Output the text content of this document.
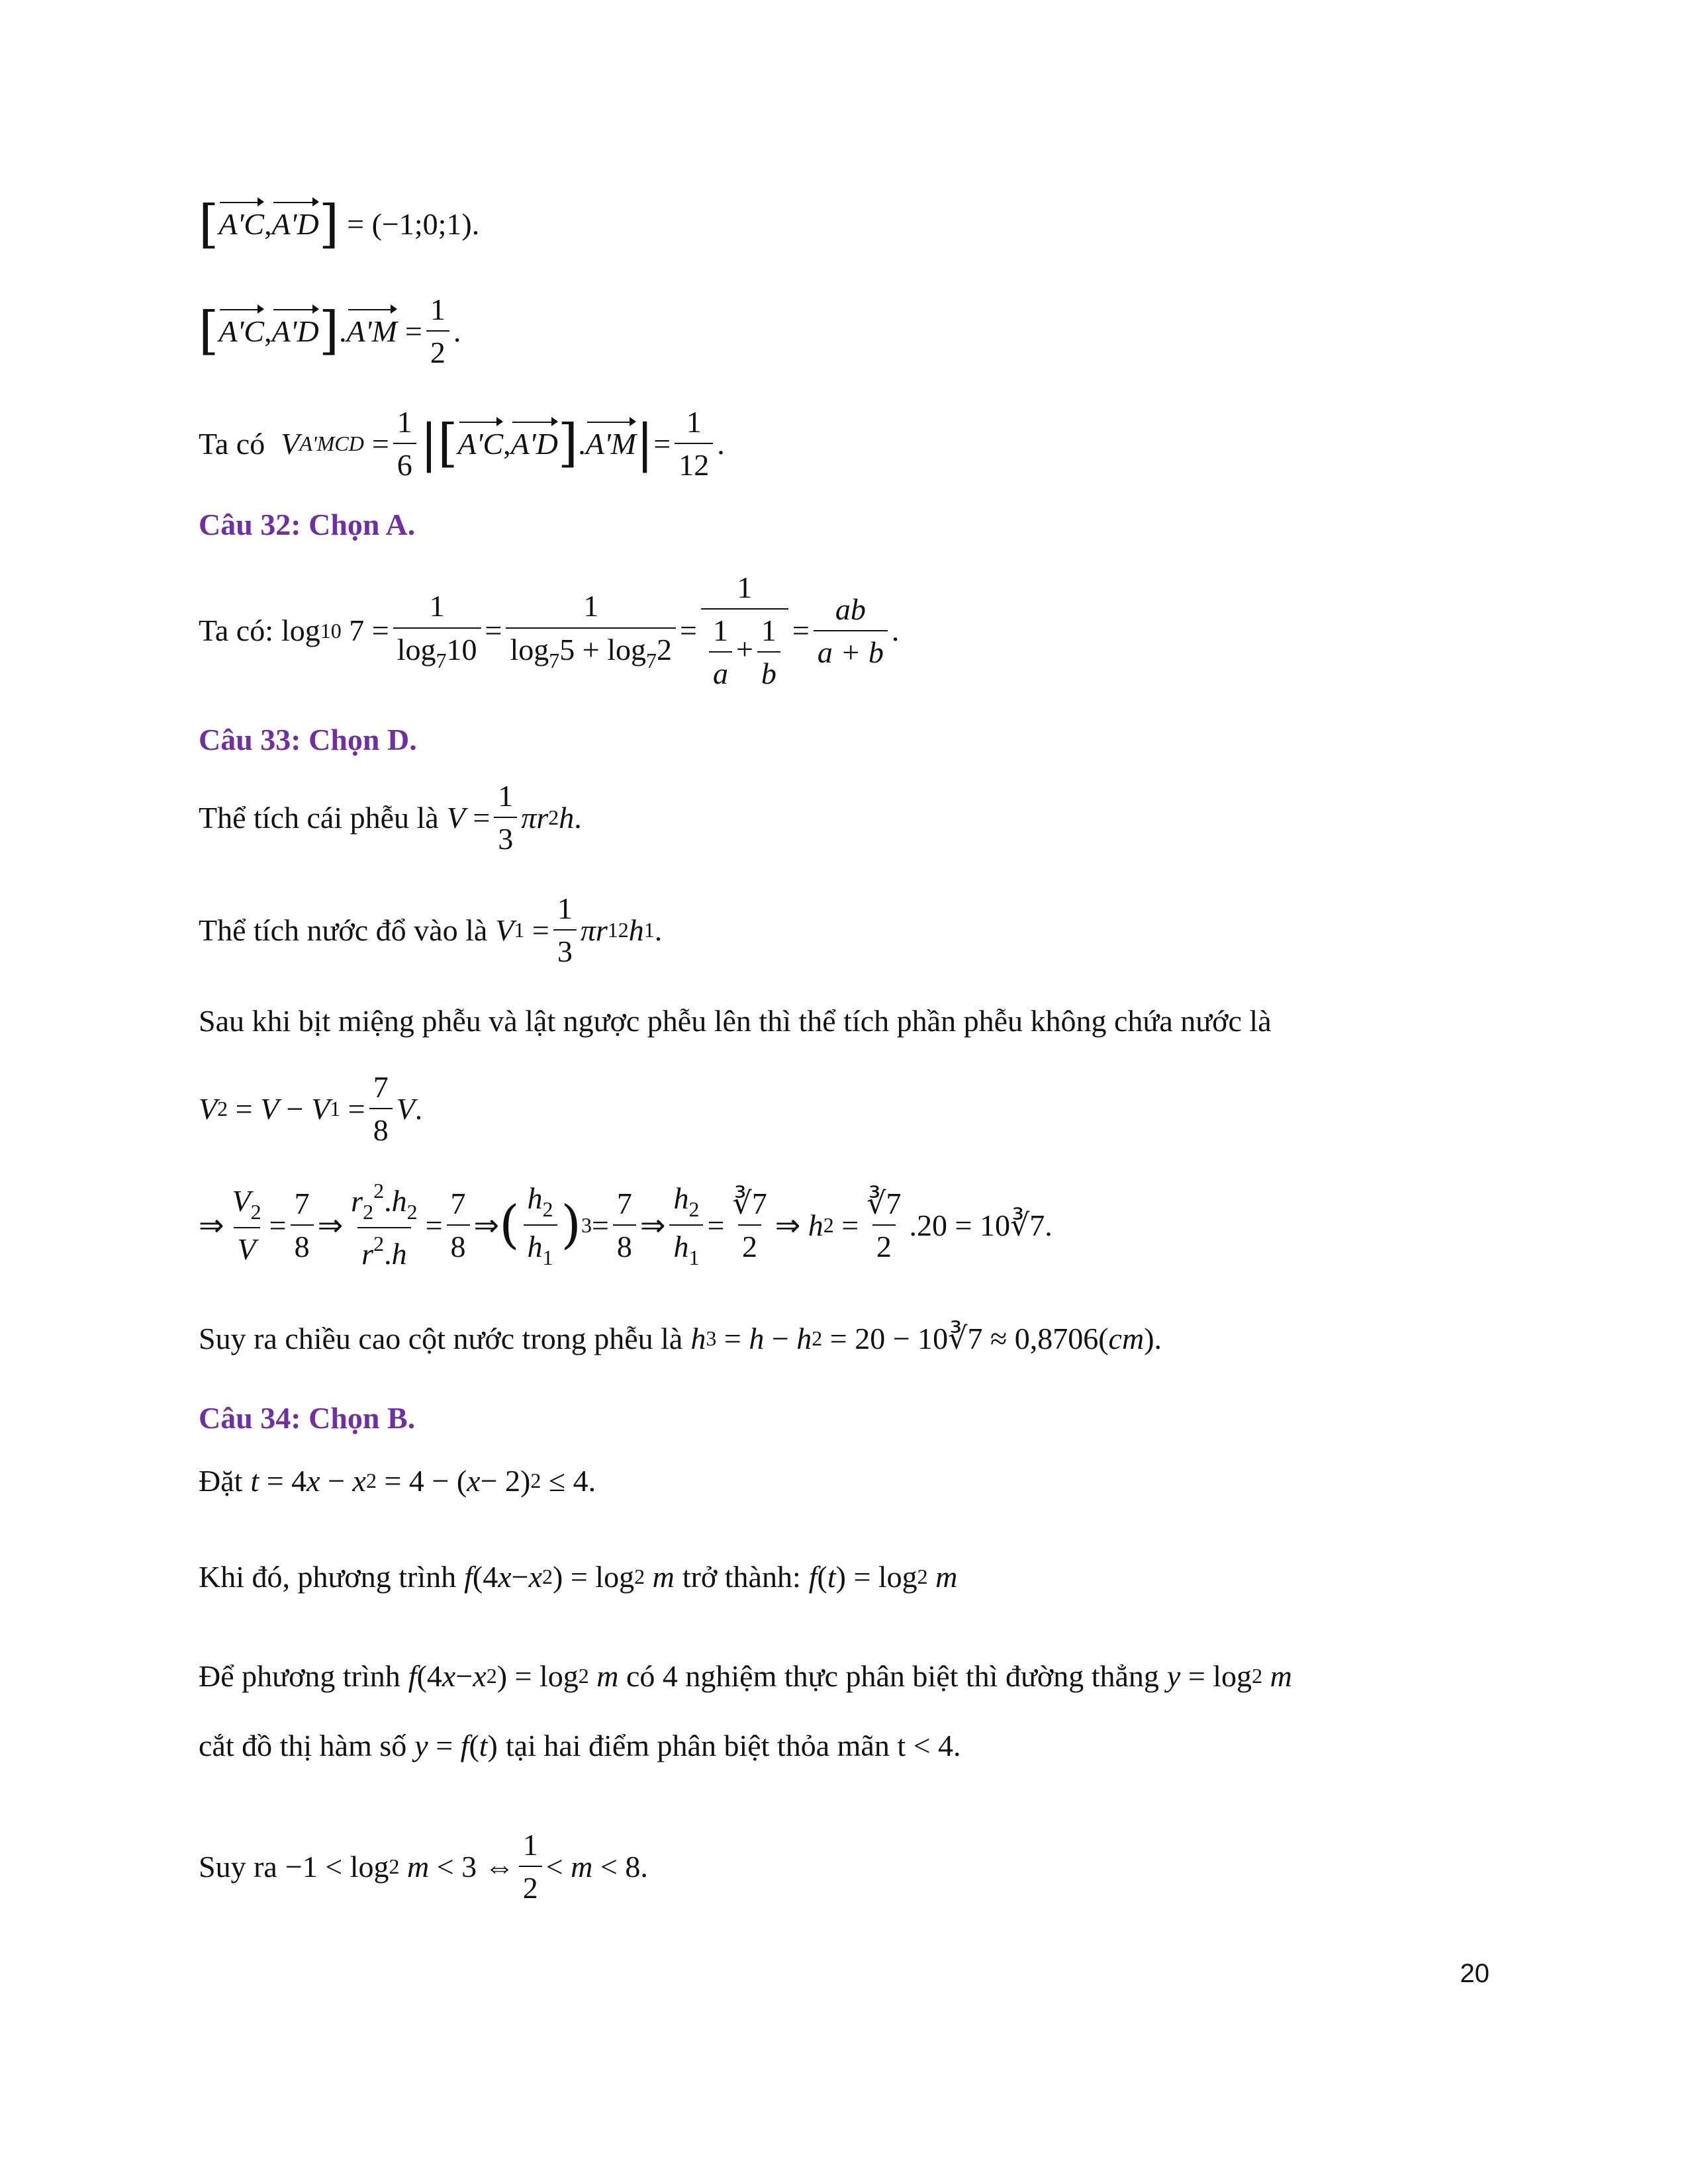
[ A'C , A'D ] = (−1;0;1).
[ A'C , A'D ] . $A'M = \frac{1}{2}$ .
Ta có V $A'MCD = \frac{1}{6}$ |[ A'C , A'D ] . A'M | = $\frac{1}{12}$ .
Câu 32: Chọn A.
Ta có: log 10 $7 = \frac{1}{\log_710} = \frac{1}{\log_75 + \log_72} = \frac{1}{\frac{1}{a} + \frac{1}{b}} = \frac{ab}{a + b}$ .
Câu 33: Chọn D.
Thể tích cái phễu là $V = \frac{1}{3}$ πr 2 h .
Thể tích nước đổ vào là V $1 = \frac{1}{3}$ πr 1 2 h 1 .
Sau khi bịt miệng phễu và lật ngược phễu lên thì thể tích phần phễu không chứa nước là
V 2 = V − V $1 = \frac{7}{8}$ V .
⇒ $\frac{V_2}{V} = \frac{7}{8}$ ⇒ $\frac{r_2^2.h_2}{r^2.h} = \frac{7}{8}$ ⇒ ( $\frac{h_2}{h_1}$ ) $3 = \frac{7}{8}$ ⇒ $\frac{h_2}{h_1} = \frac{∛7}{2}$ ⇒ h $2 = \frac{∛7}{2} .20$ = 10∛7.
Suy ra chiều cao cột nước trong phễu là h 3 = h − h 2 = 20 − 10∛7 ≈ 0,8706 ( cm ).
Câu 34: Chọn B.
Đặt t = 4 x − x 2 = 4 − ( x − 2) 2
≤ 4.
Khi đó, phương trình f (4 x − x 2 ) = log 2
m trở thành: f ( t ) = log 2
m
Để phương trình f (4 x − x 2 ) = log 2
m
có 4 nghiệm thực phân biệt thì đường thẳng y = log 2
m
cắt đồ thị hàm số y = f ( t ) tại hai điểm phân biệt thỏa mãn t < 4.
Suy ra −1 < log 2
m < 3 ⇔ $\frac{1}{2} < m < 8$.
20
